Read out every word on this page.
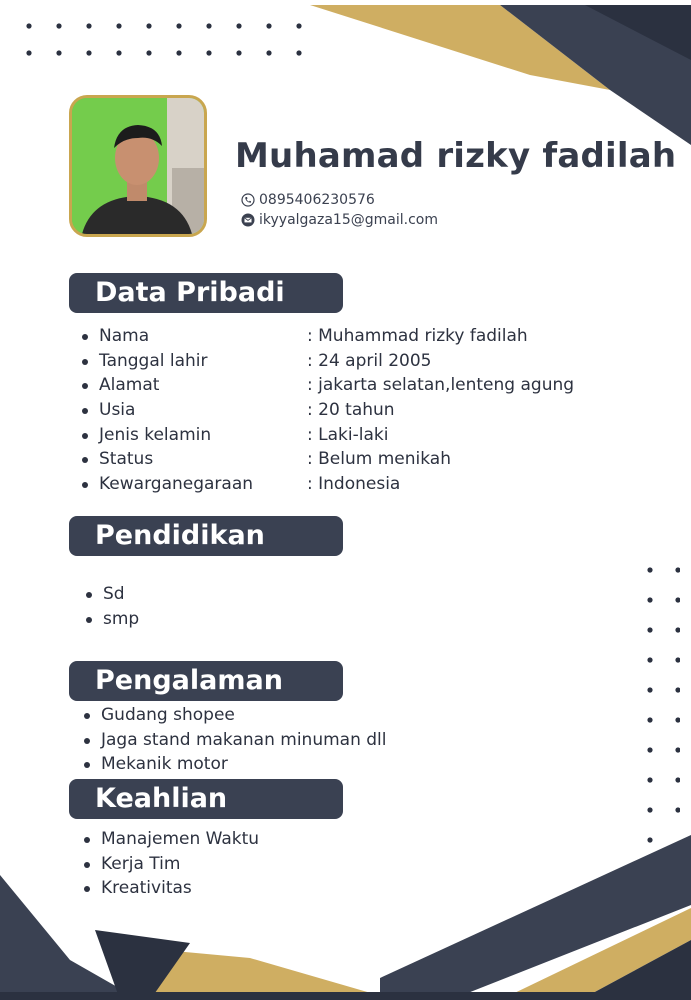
Muhamad rizky fadilah
0895406230576
ikyyalgaza15@gmail.com
Data Pribadi
Nama	: Muhammad rizky fadilah
Tanggal lahir	: 24 april 2005
Alamat	: jakarta selatan,lenteng agung
Usia	: 20 tahun
Jenis kelamin	: Laki-laki
Status	: Belum menikah
Kewarganegaraan	: Indonesia
Pendidikan
Sd
smp
Pengalaman
Gudang shopee
Jaga stand makanan minuman dll
Mekanik motor
Keahlian
Manajemen Waktu
Kerja Tim
Kreativitas
